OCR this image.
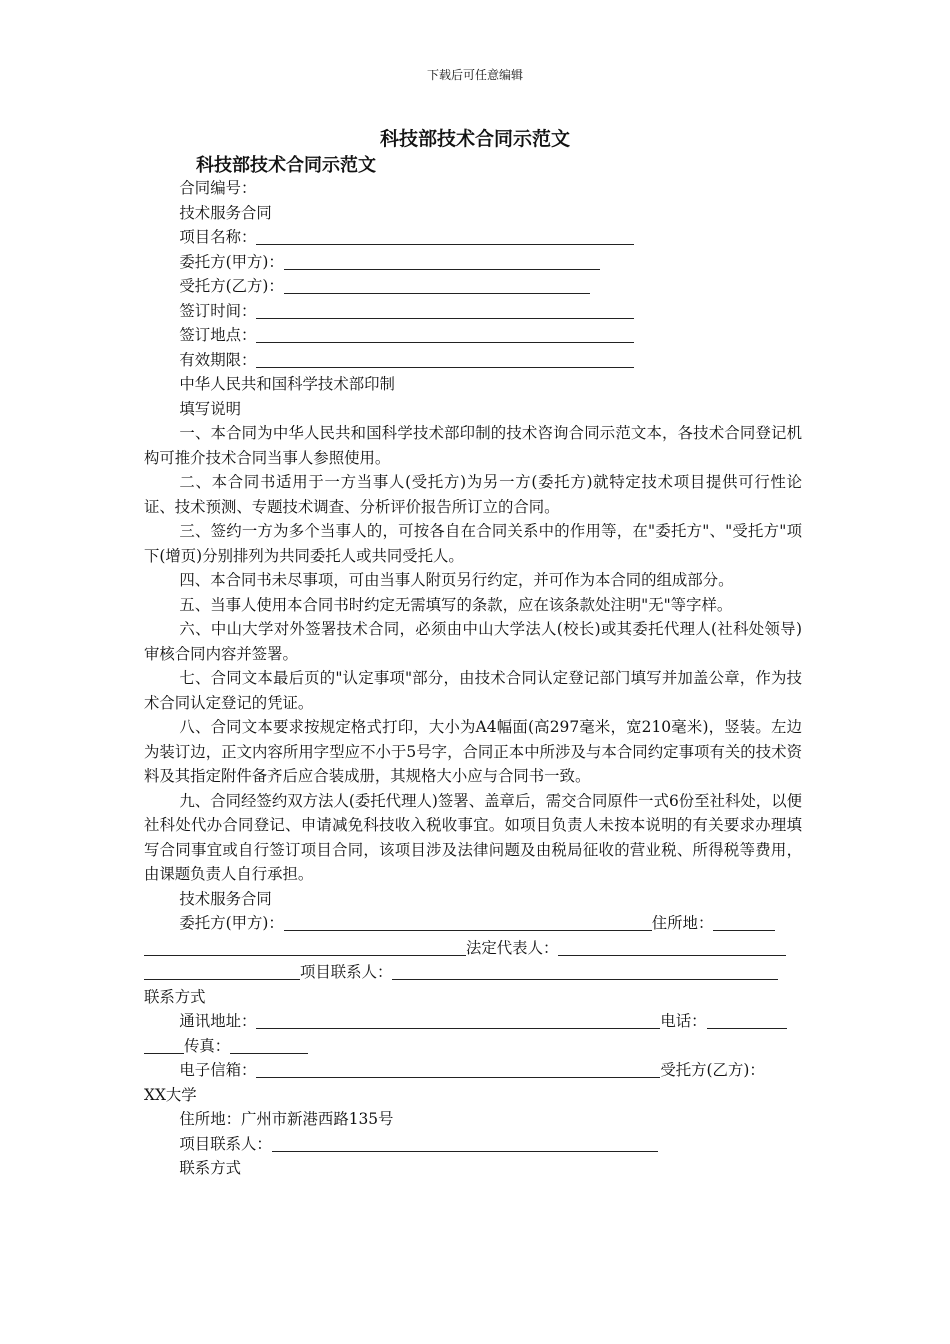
下载后可任意编辑
科技部技术合同示范文
科技部技术合同示范文

合同编号：

技术服务合同

项目名称：

委托方(甲方)：

受托方(乙方)：

签订时间：

签订地点：

有效期限：

中华人民共和国科学技术部印制

填写说明

一、本合同为中华人民共和国科学技术部印制的技术咨询合同示范文本，各技术合同登记机构可推介技术合同当事人参照使用。

二、本合同书适用于一方当事人(受托方)为另一方(委托方)就特定技术项目提供可行性论证、技术预测、专题技术调查、分析评价报告所订立的合同。

三、签约一方为多个当事人的，可按各自在合同关系中的作用等，在"委托方"、"受托方"项下(增页)分别排列为共同委托人或共同受托人。

四、本合同书未尽事项，可由当事人附页另行约定，并可作为本合同的组成部分。

五、当事人使用本合同书时约定无需填写的条款，应在该条款处注明"无"等字样。

六、中山大学对外签署技术合同，必须由中山大学法人(校长)或其委托代理人(社科处领导)审核合同内容并签署。

七、合同文本最后页的"认定事项"部分，由技术合同认定登记部门填写并加盖公章，作为技术合同认定登记的凭证。

八、合同文本要求按规定格式打印，大小为A4幅面(高297毫米，宽210毫米)，竖装。左边为装订边，正文内容所用字型应不小于5号字，合同正本中所涉及与本合同约定事项有关的技术资料及其指定附件备齐后应合装成册，其规格大小应与合同书一致。

九、合同经签约双方法人(委托代理人)签署、盖章后，需交合同原件一式6份至社科处，以便社科处代办合同登记、申请减免科技收入税收事宜。如项目负责人未按本说明的有关要求办理填写合同事宜或自行签订项目合同，该项目涉及法律问题及由税局征收的营业税、所得税等费用，由课题负责人自行承担。

技术服务合同

委托方(甲方)：	住所地：

法定代表人：

项目联系人：

联系方式

通讯地址：	电话：

传真：

电子信箱：	受托方(乙方)：

XX大学

住所地：广州市新港西路135号

项目联系人：

联系方式
